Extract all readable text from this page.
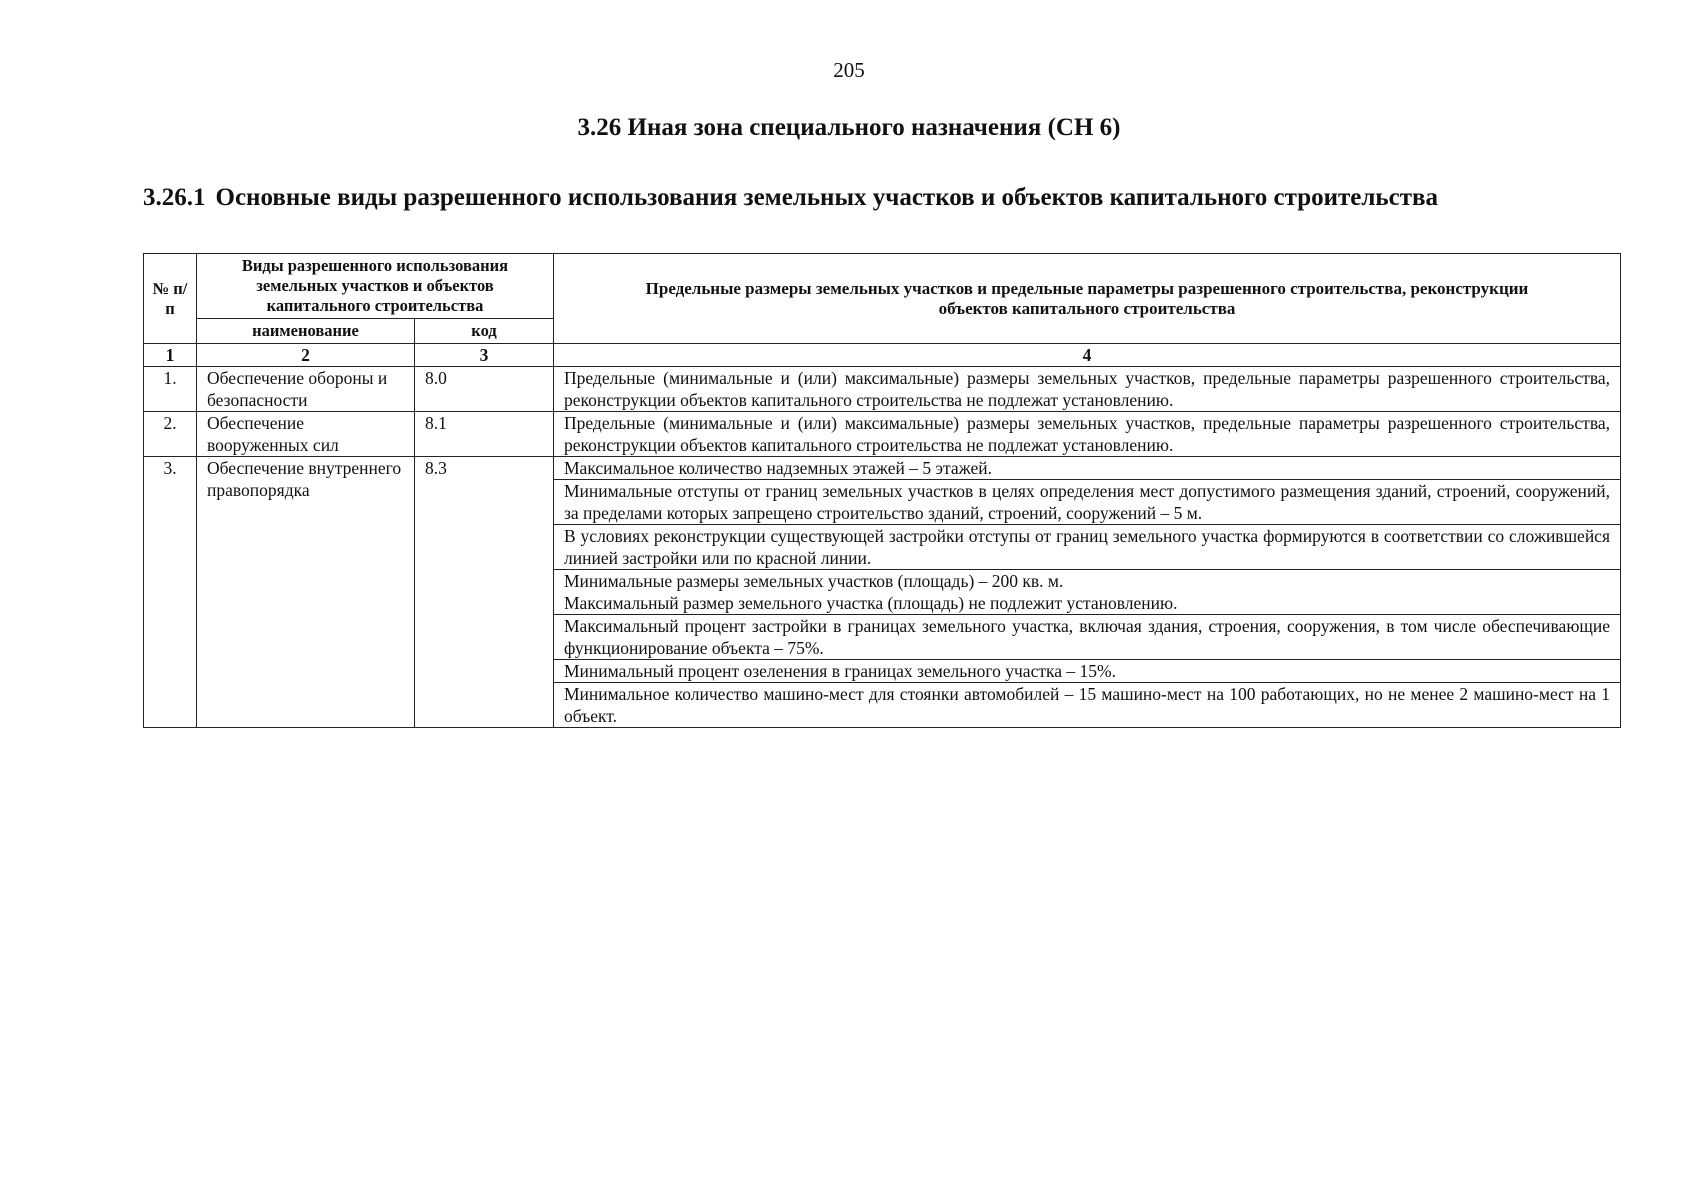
205
3.26 Иная зона специального назначения (СН 6)
3.26.1 Основные виды разрешенного использования земельных участков и объектов капитального строительства
№ п/п	Виды разрешенного использования земельных участков и объектов капитального строительства		Предельные размеры земельных участков и предельные параметры разрешенного строительства, реконструкции объектов капитального строительства
	наименование	код	
1	2	3	4
1.	Обеспечение обороны и безопасности	8.0	Предельные (минимальные и (или) максимальные) размеры земельных участков, предельные параметры разрешенного строительства, реконструкции объектов капитального строительства не подлежат установлению.
2.	Обеспечение вооруженных сил	8.1	Предельные (минимальные и (или) максимальные) размеры земельных участков, предельные параметры разрешенного строительства, реконструкции объектов капитального строительства не подлежат установлению.
3.	Обеспечение внутреннего правопорядка	8.3	Максимальное количество надземных этажей – 5 этажей.
			Минимальные отступы от границ земельных участков в целях определения мест допустимого размещения зданий, строений, сооружений, за пределами которых запрещено строительство зданий, строений, сооружений – 5 м.
			В условиях реконструкции существующей застройки отступы от границ земельного участка формируются в соответствии со сложившейся линией застройки или по красной линии.
			Минимальные размеры земельных участков (площадь) – 200 кв. м.
Максимальный размер земельного участка (площадь) не подлежит установлению.
			Максимальный процент застройки в границах земельного участка, включая здания, строения, сооружения, в том числе обеспечивающие функционирование объекта – 75%.
			Минимальный процент озеленения в границах земельного участка – 15%.
			Минимальное количество машино-мест для стоянки автомобилей – 15 машино-мест на 100 работающих, но не менее 2 машино-мест на 1 объект.
